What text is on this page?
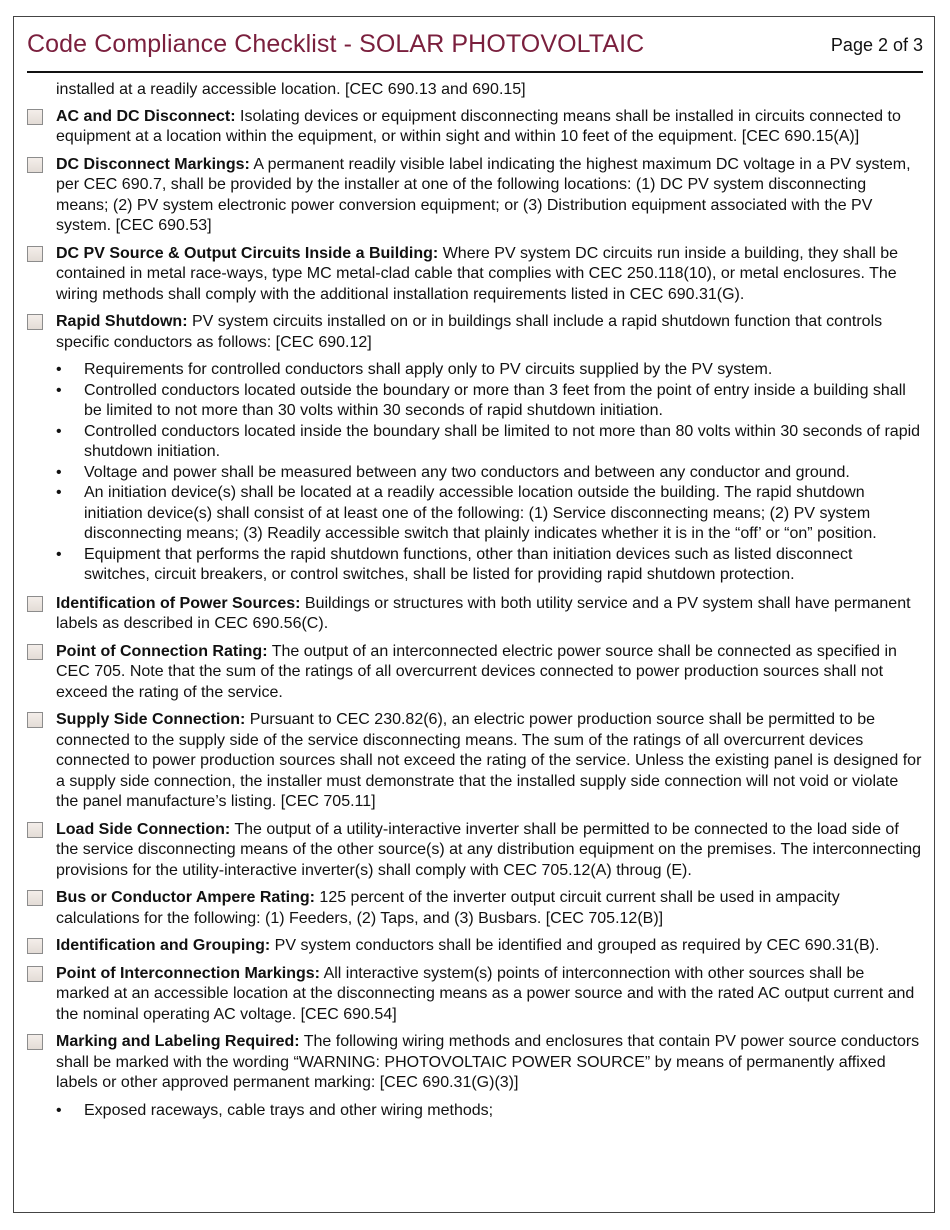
Code Compliance Checklist - SOLAR PHOTOVOLTAIC	Page 2 of 3
installed at a readily accessible location. [CEC 690.13 and 690.15]
AC and DC Disconnect: Isolating devices or equipment disconnecting means shall be installed in circuits connected to equipment at a location within the equipment, or within sight and within 10 feet of the equipment. [CEC 690.15(A)]
DC Disconnect Markings: A permanent readily visible label indicating the highest maximum DC voltage in a PV system, per CEC 690.7, shall be provided by the installer at one of the following locations: (1) DC PV system disconnecting means; (2) PV system electronic power conversion equipment; or (3) Distribution equipment associated with the PV system. [CEC 690.53]
DC PV Source & Output Circuits Inside a Building: Where PV system DC circuits run inside a building, they shall be contained in metal race-ways, type MC metal-clad cable that complies with CEC 250.118(10), or metal enclosures. The wiring methods shall comply with the additional installation requirements listed in CEC 690.31(G).
Rapid Shutdown: PV system circuits installed on or in buildings shall include a rapid shutdown function that controls specific conductors as follows: [CEC 690.12]
• Requirements for controlled conductors shall apply only to PV circuits supplied by the PV system.
• Controlled conductors located outside the boundary or more than 3 feet from the point of entry inside a building shall be limited to not more than 30 volts within 30 seconds of rapid shutdown initiation.
• Controlled conductors located inside the boundary shall be limited to not more than 80 volts within 30 seconds of rapid shutdown initiation.
• Voltage and power shall be measured between any two conductors and between any conductor and ground.
• An initiation device(s) shall be located at a readily accessible location outside the building. The rapid shutdown initiation device(s) shall consist of at least one of the following: (1) Service disconnecting means; (2) PV system disconnecting means; (3) Readily accessible switch that plainly indicates whether it is in the “off’ or “on” position.
• Equipment that performs the rapid shutdown functions, other than initiation devices such as listed disconnect switches, circuit breakers, or control switches, shall be listed for providing rapid shutdown protection.
Identification of Power Sources: Buildings or structures with both utility service and a PV system shall have permanent labels as described in CEC 690.56(C).
Point of Connection Rating: The output of an interconnected electric power source shall be connected as specified in CEC 705. Note that the sum of the ratings of all overcurrent devices connected to power production sources shall not exceed the rating of the service.
Supply Side Connection: Pursuant to CEC 230.82(6), an electric power production source shall be permitted to be connected to the supply side of the service disconnecting means. The sum of the ratings of all overcurrent devices connected to power production sources shall not exceed the rating of the service. Unless the existing panel is designed for a supply side connection, the installer must demonstrate that the installed supply side connection will not void or violate the panel manufacture’s listing. [CEC 705.11]
Load Side Connection: The output of a utility-interactive inverter shall be permitted to be connected to the load side of the service disconnecting means of the other source(s) at any distribution equipment on the premises. The interconnecting provisions for the utility-interactive inverter(s) shall comply with CEC 705.12(A) throug (E).
Bus or Conductor Ampere Rating: 125 percent of the inverter output circuit current shall be used in ampacity calculations for the following: (1) Feeders, (2) Taps, and (3) Busbars. [CEC 705.12(B)]
Identification and Grouping: PV system conductors shall be identified and grouped as required by CEC 690.31(B).
Point of Interconnection Markings: All interactive system(s) points of interconnection with other sources shall be marked at an accessible location at the disconnecting means as a power source and with the rated AC output current and the nominal operating AC voltage. [CEC 690.54]
Marking and Labeling Required: The following wiring methods and enclosures that contain PV power source conductors shall be marked with the wording “WARNING: PHOTOVOLTAIC POWER SOURCE” by means of permanently affixed labels or other approved permanent marking: [CEC 690.31(G)(3)]
• Exposed raceways, cable trays and other wiring methods;
